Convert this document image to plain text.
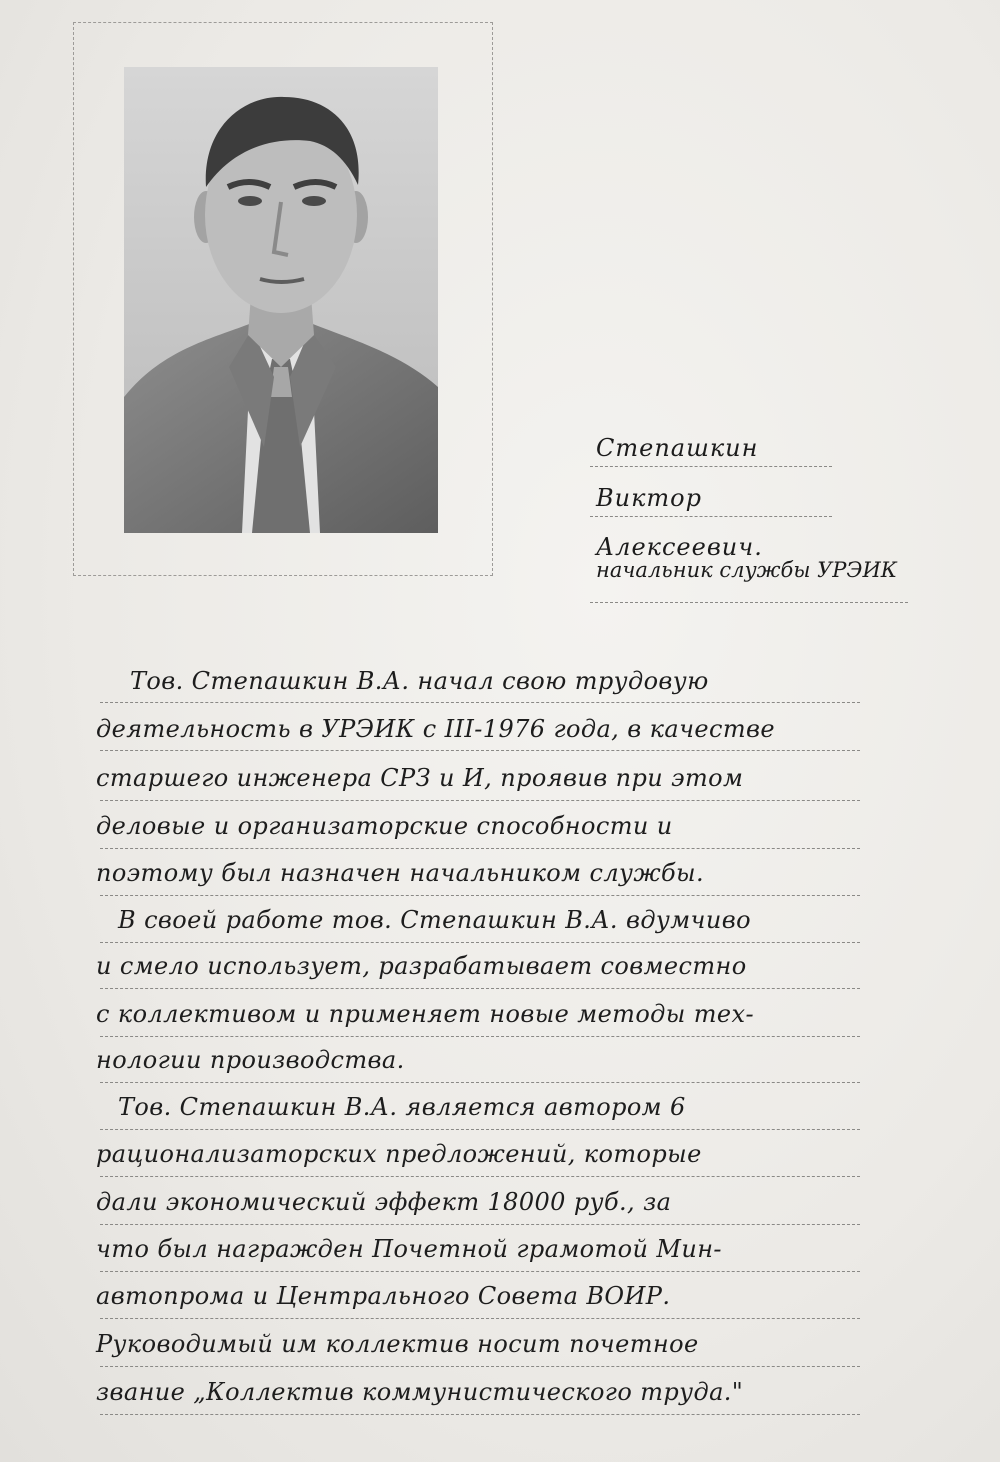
Степашкин
Виктор
Алексеевич.
начальник службы УРЭИК
Тов. Степашкин В.А. начал свою трудовую
деятельность в УРЭИК с III-1976 года, в качестве
старшего инженера СРЗ и И, проявив при этом
деловые и организаторские способности и
поэтому был назначен начальником службы.
В своей работе тов. Степашкин В.А. вдумчиво
и смело использует, разрабатывает совместно
с коллективом и применяет новые методы тех-
нологии производства.
Тов. Степашкин В.А. является автором 6
рационализаторских предложений, которые
дали экономический эффект 18000 руб., за
что был награжден Почетной грамотой Мин-
автопрома и Центрального Совета ВОИР.
Руководимый им коллектив носит почетное
звание „Коллектив коммунистического труда."
